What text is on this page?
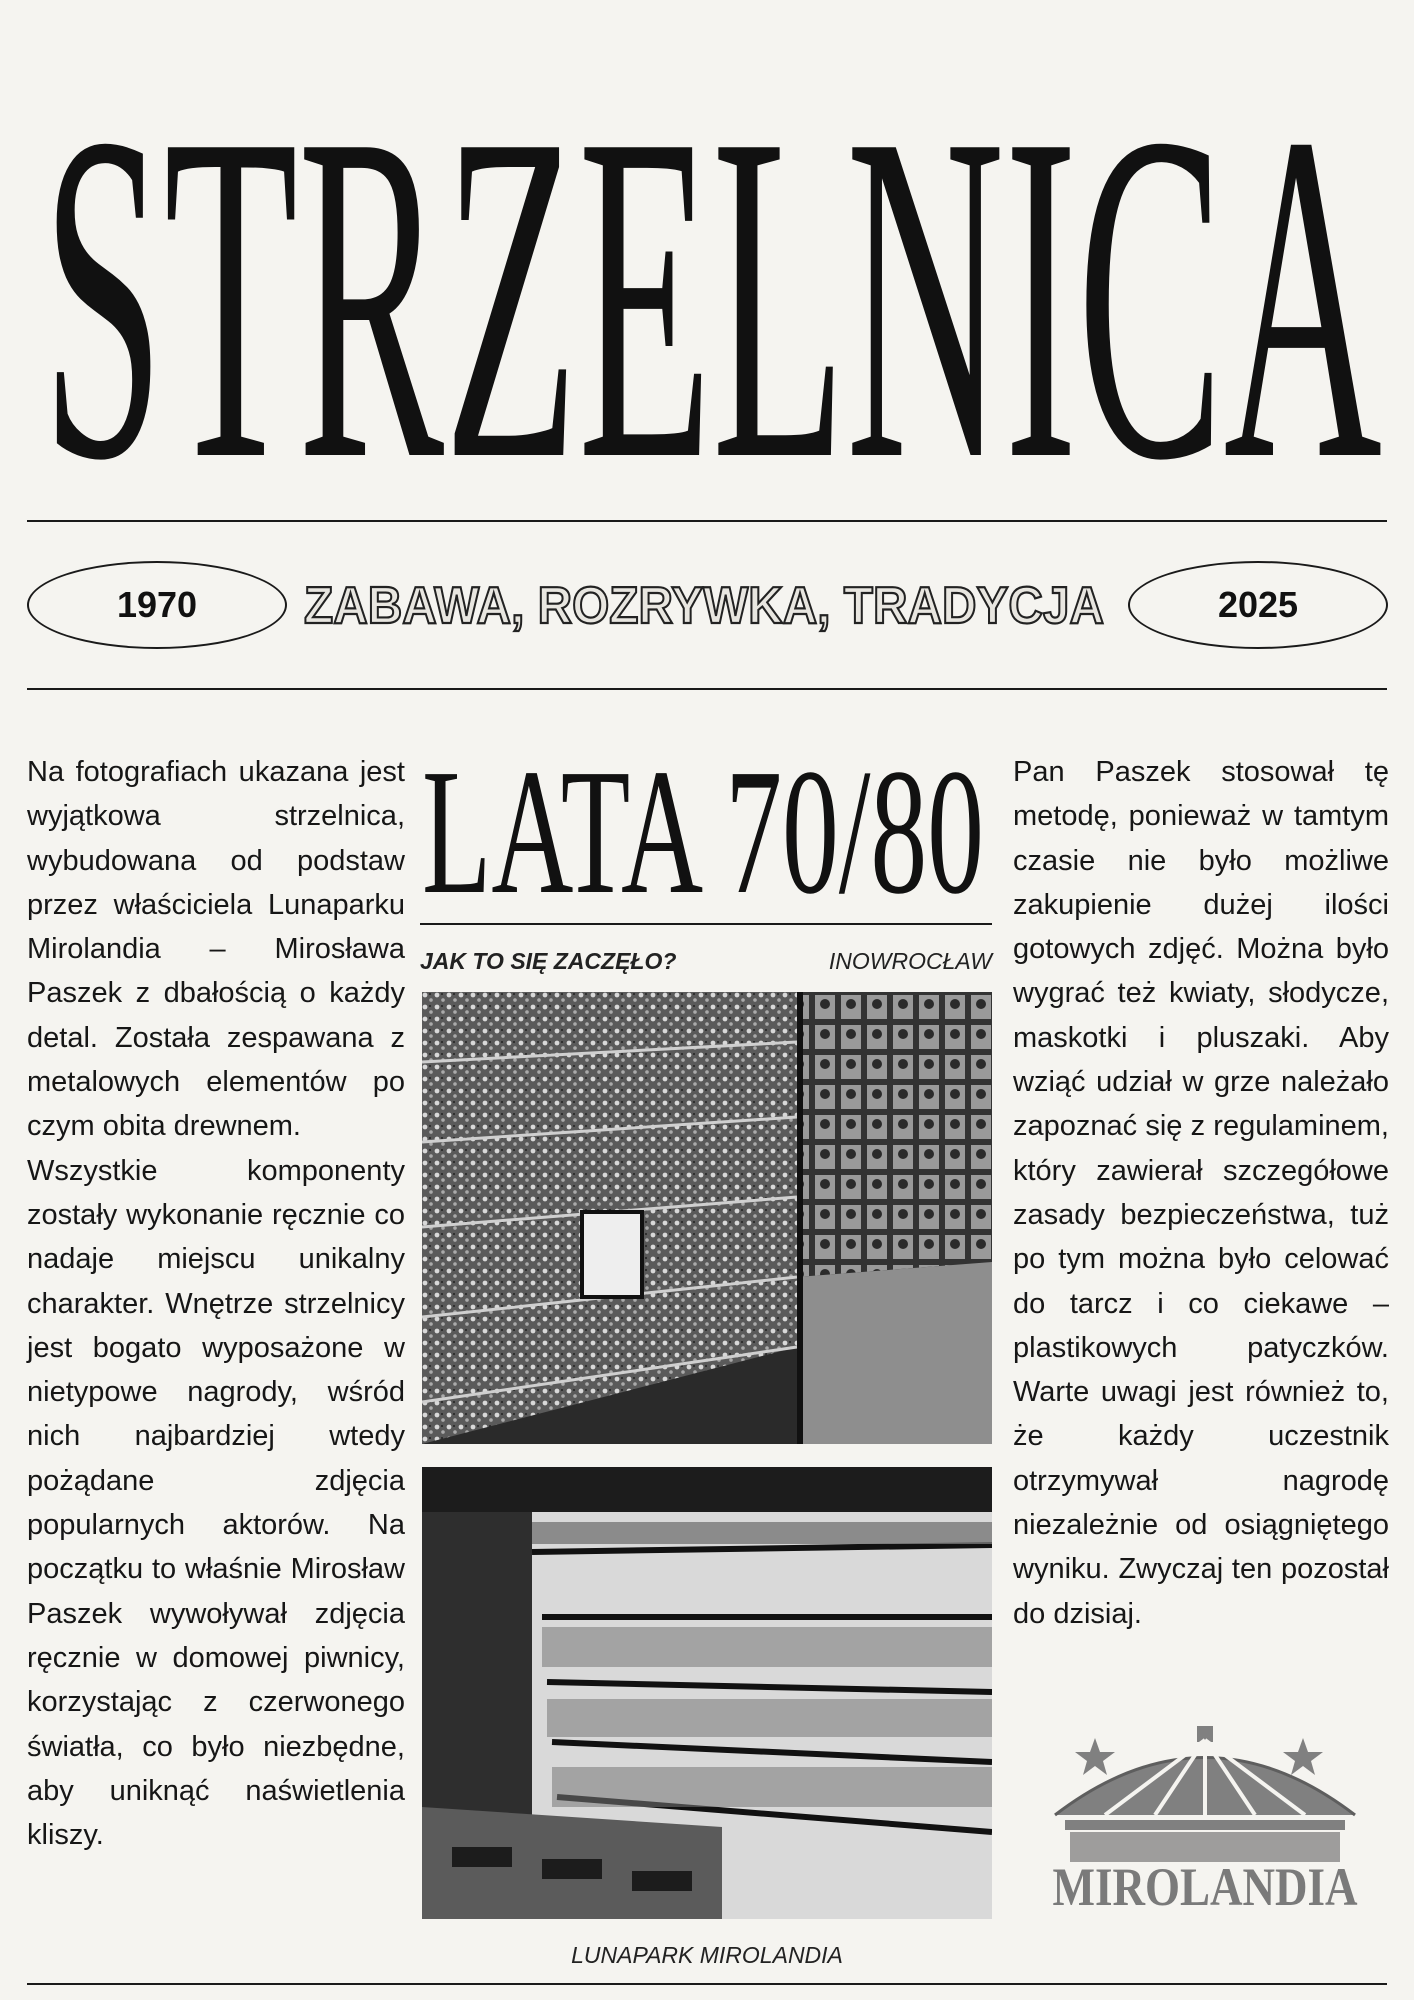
STRZELNICA
1970 ZABAWA, ROZRYWKA, TRADYCJA	2025

Na fotografiach ukazana jest wyjątkowa strzelnica, wybudowana od podstaw przez właściciela Lunaparku Mirolandia – Mirosława Paszek z dbałością o każdy detal. Została zespawana z metalowych elementów po czym obita drewnem.

Wszystkie komponenty zostały wykonanie ręcznie co nadaje miejscu unikalny charakter. Wnętrze strzelnicy jest bogato wyposażone w nietypowe nagrody, wśród nich najbardziej wtedy pożądane zdjęcia popularnych aktorów. Na początku to właśnie Mirosław Paszek wywoływał zdjęcia ręcznie w domowej piwnicy, korzystając z czerwonego światła, co było niezbędne, aby uniknąć naświetlenia kliszy.

LATA 70/80
JAK TO SIĘ ZACZĘŁO?	INOWROCŁAW
LUNAPARK MIROLANDIA

Pan Paszek stosował tę metodę, ponieważ w tamtym czasie nie było możliwe zakupienie dużej ilości gotowych zdjęć. Można było wygrać też kwiaty, słodycze, maskotki i pluszaki. Aby wziąć udział w grze należało zapoznać się z regulaminem, który zawierał szczegółowe zasady bezpieczeństwa, tuż po tym można było celować do tarcz i co ciekawe – plastikowych patyczków. Warte uwagi jest również to, że każdy uczestnik otrzymywał nagrodę niezależnie od osiągniętego wyniku. Zwyczaj ten pozostał do dzisiaj.

MIROLANDIA
